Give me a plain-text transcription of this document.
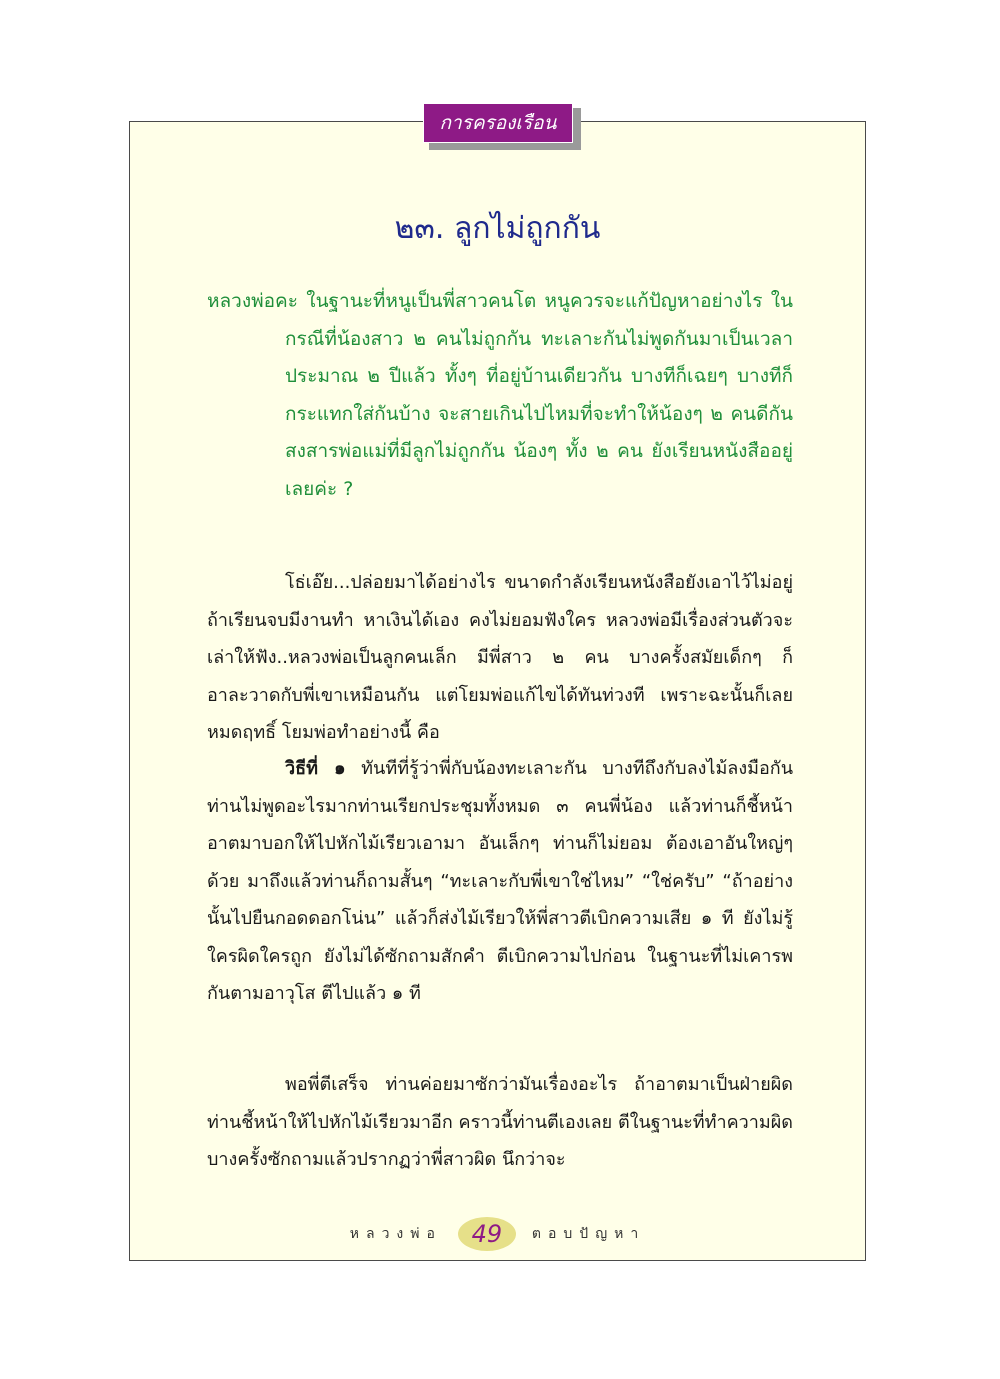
การครองเรือน
๒๓. ลูกไม่ถูกกัน

หลวงพ่อคะ ในฐานะที่หนูเป็นพี่สาวคนโต หนูควรจะแก้ปัญหาอย่างไร ในกรณีที่น้องสาว ๒ คนไม่ถูกกัน ทะเลาะกันไม่พูดกันมาเป็นเวลาประมาณ ๒ ปีแล้ว ทั้งๆ ที่อยู่บ้านเดียวกัน บางทีก็เฉยๆ บางทีก็กระแทกใส่กันบ้าง จะสายเกินไปไหมที่จะทำให้น้องๆ ๒ คนดีกัน สงสารพ่อแม่ที่มีลูกไม่ถูกกัน น้องๆ ทั้ง ๒ คน ยังเรียนหนังสืออยู่เลยค่ะ ?

โธ่เอ๊ย...ปล่อยมาได้อย่างไร ขนาดกำลังเรียนหนังสือยังเอาไว้ไม่อยู่ ถ้าเรียนจบมีงานทำ หาเงินได้เอง คงไม่ยอมฟังใคร หลวงพ่อมีเรื่องส่วนตัวจะเล่าให้ฟัง..หลวงพ่อเป็นลูกคนเล็ก มีพี่สาว ๒ คน บางครั้งสมัยเด็กๆ ก็อาละวาดกับพี่เขาเหมือนกัน แต่โยมพ่อแก้ไขได้ทันท่วงที เพราะฉะนั้นก็เลยหมดฤทธิ์ โยมพ่อทำอย่างนี้ คือ

วิธีที่ ๑ ทันทีที่รู้ว่าพี่กับน้องทะเลาะกัน บางทีถึงกับลงไม้ลงมือกัน ท่านไม่พูดอะไรมากท่านเรียกประชุมทั้งหมด ๓ คนพี่น้อง แล้วท่านก็ชี้หน้าอาตมาบอกให้ไปหักไม้เรียวเอามา อันเล็กๆ ท่านก็ไม่ยอม ต้องเอาอันใหญ่ๆ ด้วย มาถึงแล้วท่านก็ถามสั้นๆ “ทะเลาะกับพี่เขาใช่ไหม” “ใช่ครับ” “ถ้าอย่างนั้นไปยืนกอดดอกโน่น” แล้วก็ส่งไม้เรียวให้พี่สาวตีเบิกความเสีย ๑ ที ยังไม่รู้ใครผิดใครถูก ยังไม่ได้ซักถามสักคำ ตีเบิกความไปก่อน ในฐานะที่ไม่เคารพกันตามอาวุโส ตีไปแล้ว ๑ ที

พอพี่ตีเสร็จ ท่านค่อยมาซักว่ามันเรื่องอะไร ถ้าอาตมาเป็นฝ่ายผิดท่านชี้หน้าให้ไปหักไม้เรียวมาอีก คราวนี้ท่านตีเองเลย ตีในฐานะที่ทำความผิด บางครั้งซักถามแล้วปรากฏว่าพี่สาวผิด นึกว่าจะ

หลวงพ่อ	49	ตอบปัญหา
